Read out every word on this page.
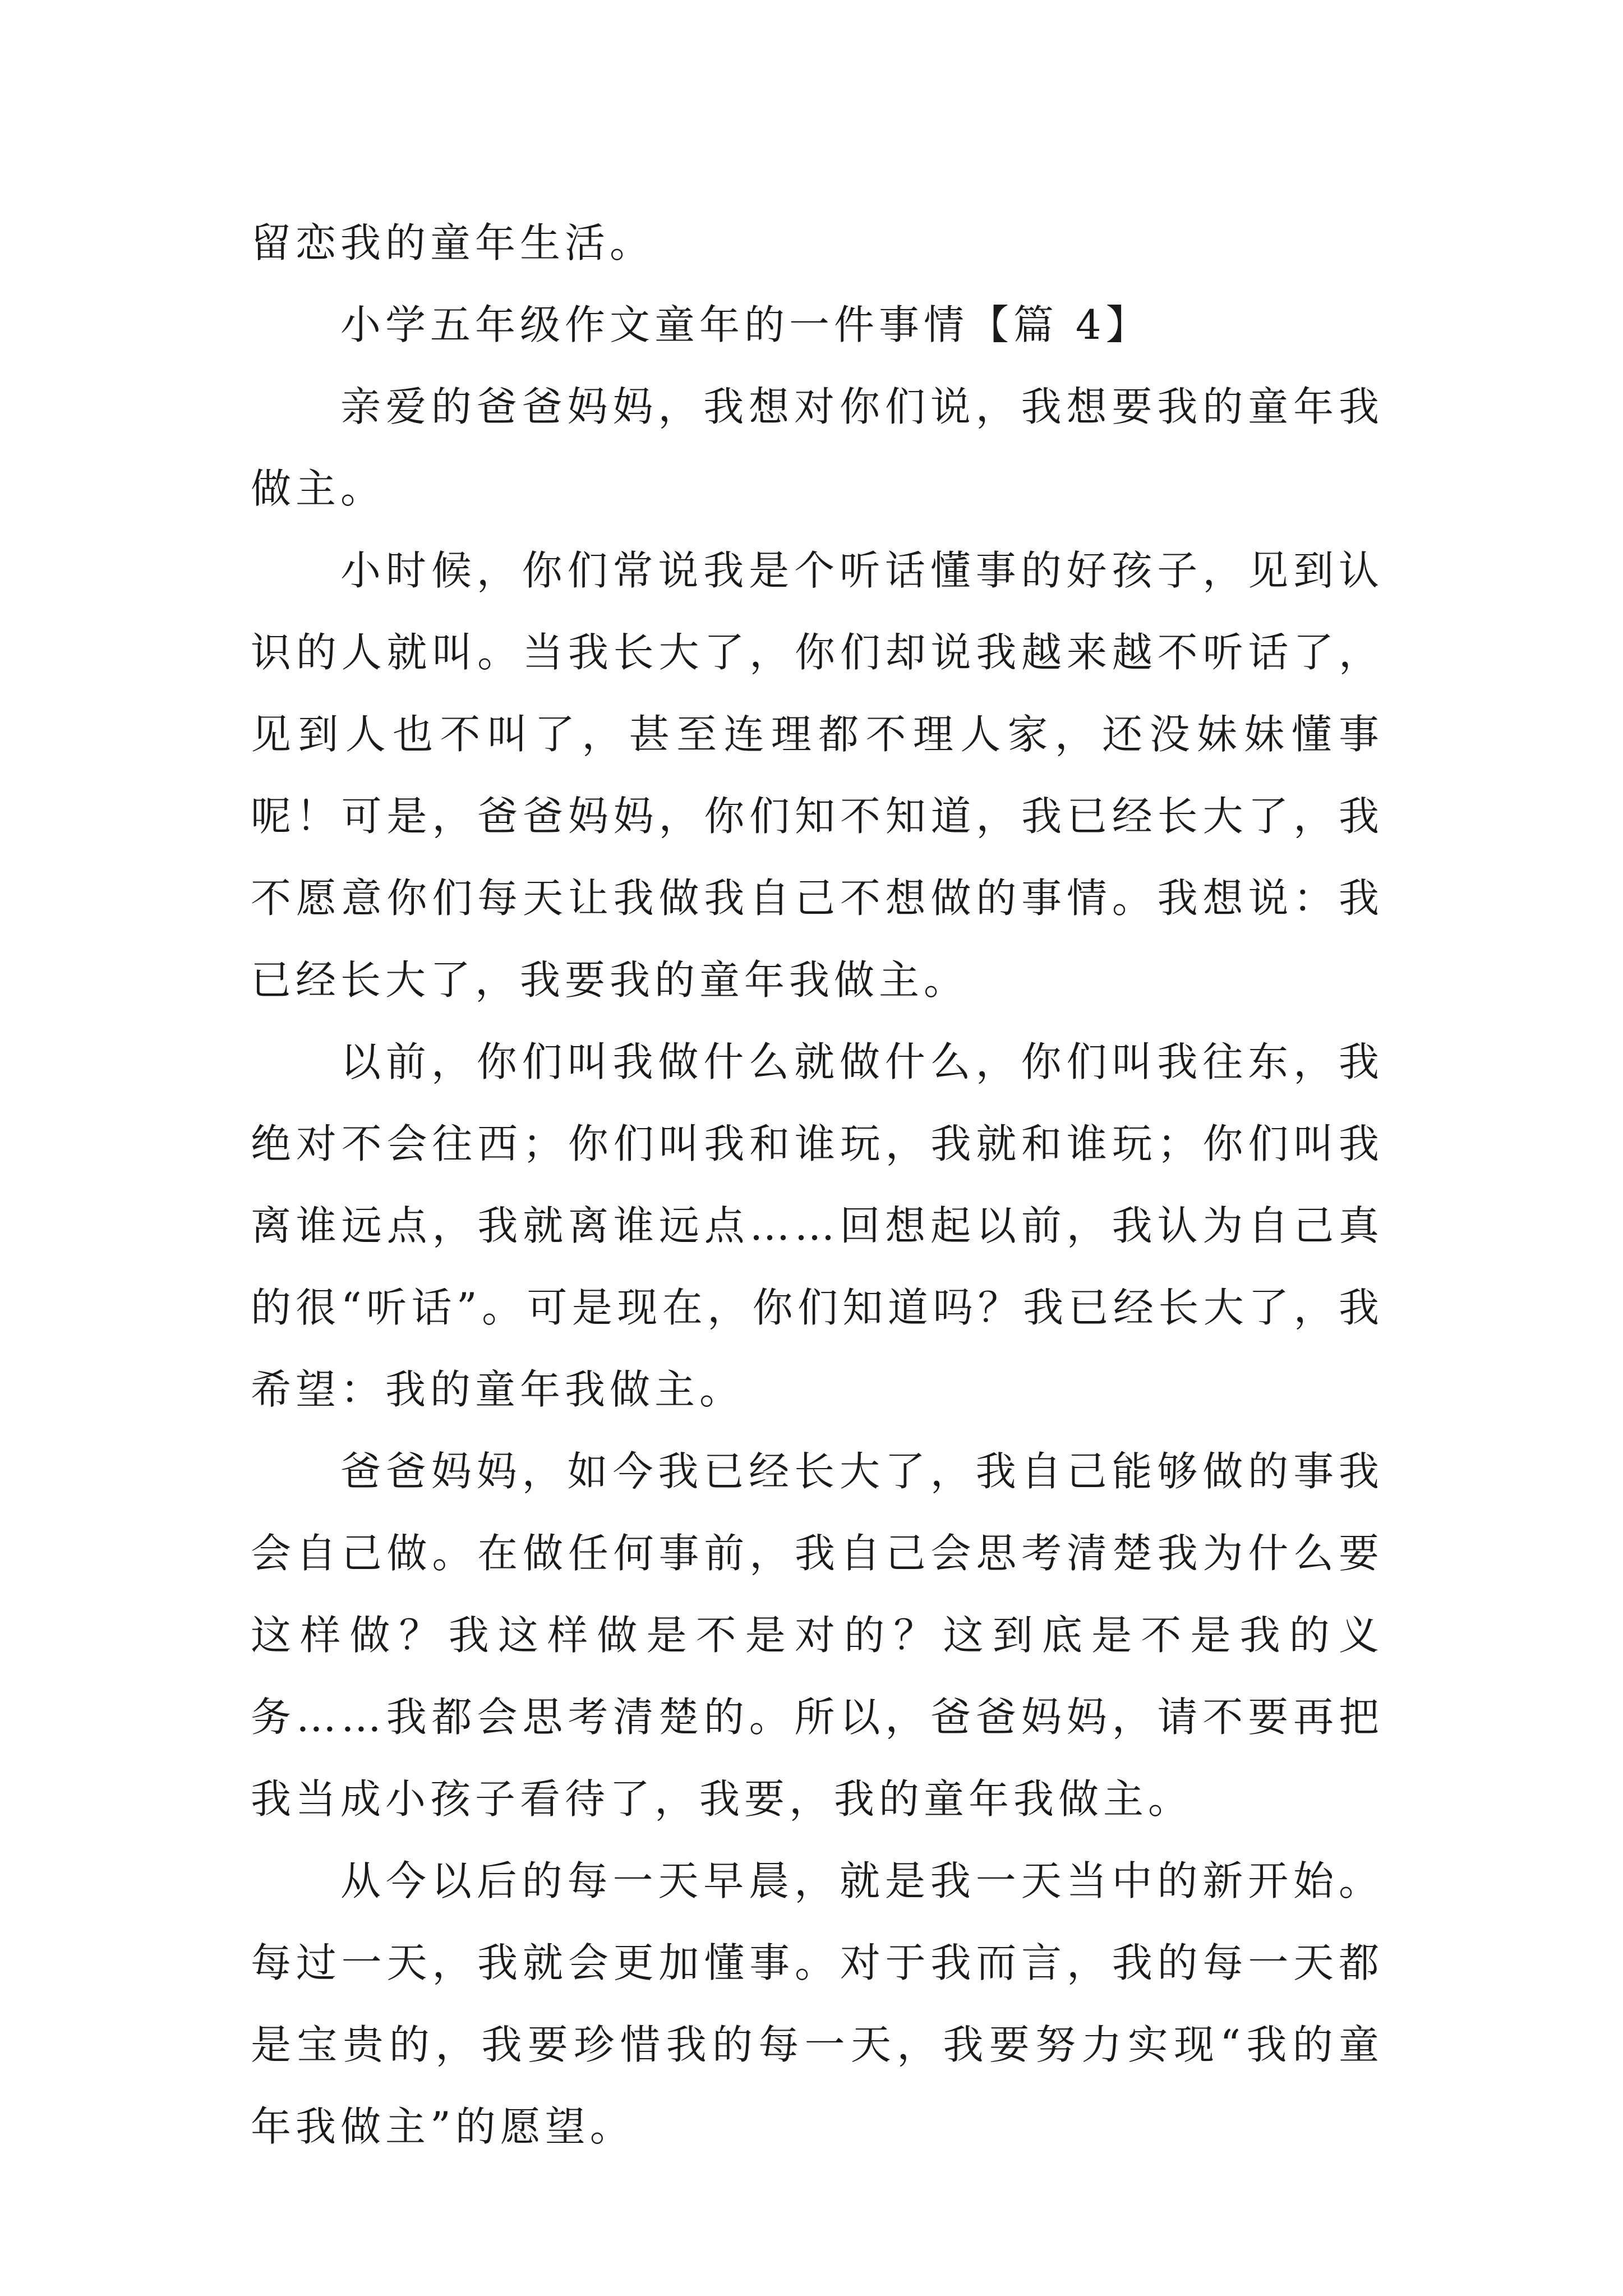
留恋我的童年生活。

小学五年级作文童年的一件事情【篇 4】

亲爱的爸爸妈妈，我想对你们说，我想要我的童年我做主。

小时候，你们常说我是个听话懂事的好孩子，见到认识的人就叫。当我长大了，你们却说我越来越不听话了，见到人也不叫了，甚至连理都不理人家，还没妹妹懂事呢！可是，爸爸妈妈，你们知不知道，我已经长大了，我不愿意你们每天让我做我自己不想做的事情。我想说：我已经长大了，我要我的童年我做主。

以前，你们叫我做什么就做什么，你们叫我往东，我绝对不会往西；你们叫我和谁玩，我就和谁玩；你们叫我离谁远点，我就离谁远点……回想起以前，我认为自己真的很“听话”。可是现在，你们知道吗？我已经长大了，我希望：我的童年我做主。

爸爸妈妈，如今我已经长大了，我自己能够做的事我会自己做。在做任何事前，我自己会思考清楚我为什么要这样做？我这样做是不是对的？这到底是不是我的义务……我都会思考清楚的。所以，爸爸妈妈，请不要再把我当成小孩子看待了，我要，我的童年我做主。

从今以后的每一天早晨，就是我一天当中的新开始。每过一天，我就会更加懂事。对于我而言，我的每一天都是宝贵的，我要珍惜我的每一天，我要努力实现“我的童年我做主”的愿望。
